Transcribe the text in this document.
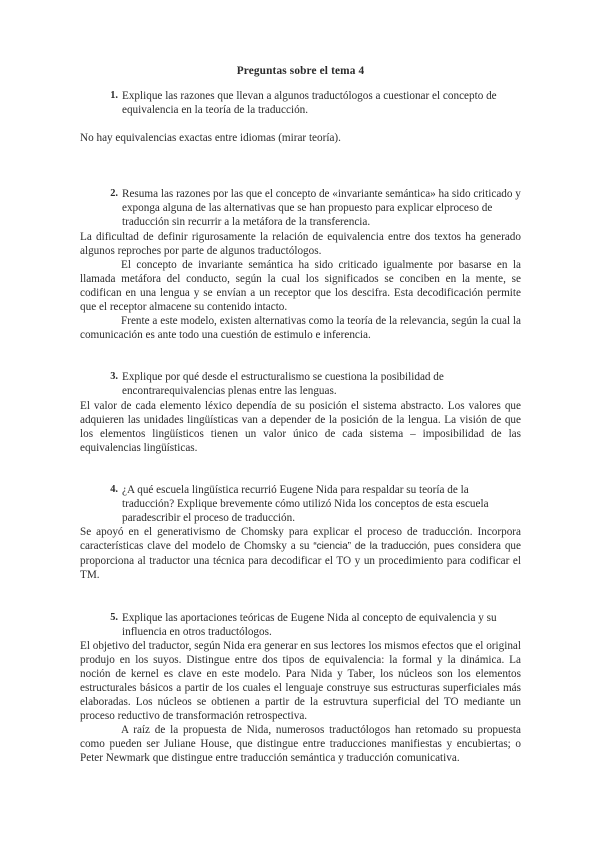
Preguntas sobre el tema 4
1. Explique las razones que llevan a algunos traductólogos a cuestionar el concepto de equivalencia en la teoría de la traducción.

No hay equivalencias exactas entre idiomas (mirar teoría).

2. Resuma las razones por las que el concepto de «invariante semántica» ha sido criticado y exponga alguna de las alternativas que se han propuesto para explicar elproceso de traducción sin recurrir a la metáfora de la transferencia.

La dificultad de definir rigurosamente la relación de equivalencia entre dos textos ha generado algunos reproches por parte de algunos traductólogos.

El concepto de invariante semántica ha sido criticado igualmente por basarse en la llamada metáfora del conducto, según la cual los significados se conciben en la mente, se codifican en una lengua y se envían a un receptor que los descifra. Esta decodificación permite que el receptor almacene su contenido intacto.

Frente a este modelo, existen alternativas como la teoría de la relevancia, según la cual la comunicación es ante todo una cuestión de estimulo e inferencia.

3. Explique por qué desde el estructuralismo se cuestiona la posibilidad de encontrarequivalencias plenas entre las lenguas.

El valor de cada elemento léxico dependía de su posición el sistema abstracto. Los valores que adquieren las unidades lingüísticas van a depender de la posición de la lengua. La visión de que los elementos lingüísticos tienen un valor único de cada sistema – imposibilidad de las equivalencias lingüísticas.

4. ¿A qué escuela lingüística recurrió Eugene Nida para respaldar su teoría de la traducción? Explique brevemente cómo utilizó Nida los conceptos de esta escuela paradescribir el proceso de traducción.

Se apoyó en el generativismo de Chomsky para explicar el proceso de traducción. Incorpora características clave del modelo de Chomsky a su “ciencia” de la traducción, pues considera que proporciona al traductor una técnica para decodificar el TO y un procedimiento para codificar el TM.

5. Explique las aportaciones teóricas de Eugene Nida al concepto de equivalencia y su influencia en otros traductólogos.

El objetivo del traductor, según Nida era generar en sus lectores los mismos efectos que el original produjo en los suyos. Distingue entre dos tipos de equivalencia: la formal y la dinámica. La noción de kernel es clave en este modelo. Para Nida y Taber, los núcleos son los elementos estructurales básicos a partir de los cuales el lenguaje construye sus estructuras superficiales más elaboradas. Los núcleos se obtienen a partir de la estruvtura superficial del TO mediante un proceso reductivo de transformación retrospectiva.

A raíz de la propuesta de Nida, numerosos traductólogos han retomado su propuesta como pueden ser Juliane House, que distingue entre traducciones manifiestas y encubiertas; o Peter Newmark que distingue entre traducción semántica y traducción comunicativa.
